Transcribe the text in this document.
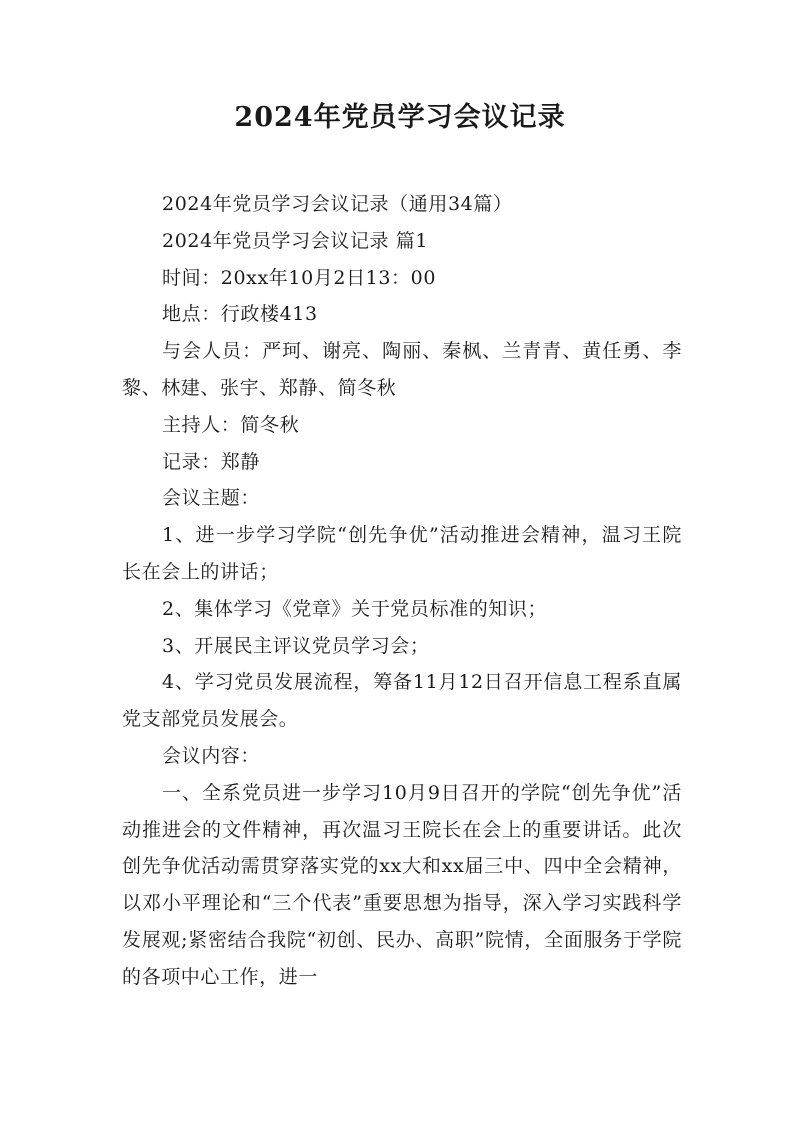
2024年党员学习会议记录

2024年党员学习会议记录（通用34篇）

2024年党员学习会议记录 篇1

时间：20xx年10月2日13：00

地点：行政楼413

与会人员：严珂、谢亮、陶丽、秦枫、兰青青、黄任勇、李黎、林建、张宇、郑静、简冬秋

主持人：简冬秋

记录：郑静

会议主题：

1、进一步学习学院“创先争优”活动推进会精神，温习王院长在会上的讲话；

2、集体学习《党章》关于党员标准的知识；

3、开展民主评议党员学习会；

4、学习党员发展流程，筹备11月12日召开信息工程系直属党支部党员发展会。

会议内容：

一、全系党员进一步学习10月9日召开的学院“创先争优”活动推进会的文件精神，再次温习王院长在会上的重要讲话。此次创先争优活动需贯穿落实党的xx大和xx届三中、四中全会精神，以邓小平理论和“三个代表”重要思想为指导，深入学习实践科学发展观;紧密结合我院“初创、民办、高职”院情，全面服务于学院的各项中心工作，进一
